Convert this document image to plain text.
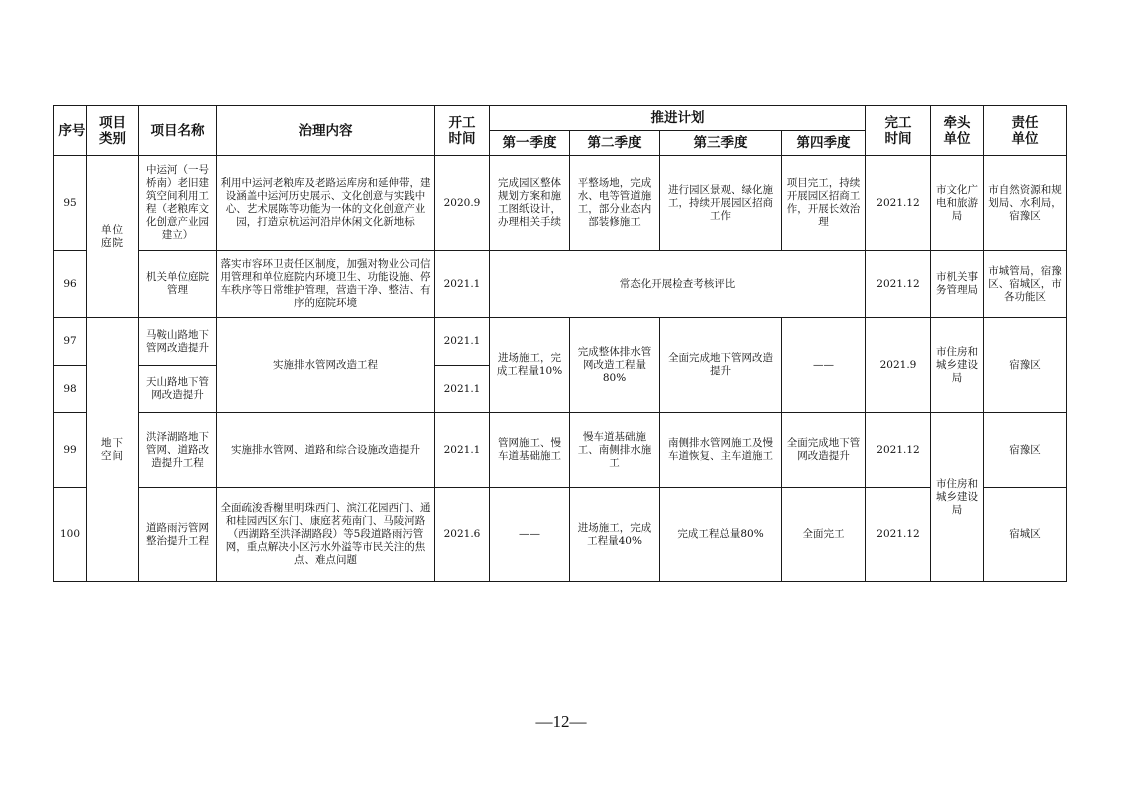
序号	项目类别	项目名称	治理内容	开工时间	推进计划				完工时间	牵头单位	责任单位

					第一季度	第二季度	第三季度	第四季度			
95	单位庭院	中运河（一号桥南）老旧建筑空间利用工程（老粮库文化创意产业园建立）	利用中运河老粮库及老路运库房和延伸带，建设涵盖中运河历史展示、文化创意与实践中心、艺术展陈等功能为一体的文化创意产业园，打造京杭运河沿岸休闲文化新地标	2020.9	完成园区整体规划方案和施工图纸设计，办理相关手续	平整场地，完成水、电等管道施工，部分业态内部装修施工	进行园区景观、绿化施工，持续开展园区招商工作	项目完工，持续开展园区招商工作，开展长效治理	2021.12	市文化广电和旅游局	市自然资源和规划局、水利局，宿豫区
96		机关单位庭院管理	落实市容环卫责任区制度，加强对物业公司信用管理和单位庭院内环境卫生、功能设施、停车秩序等日常维护管理，营造干净、整洁、有序的庭院环境	2021.1	常态化开展检查考核评比				2021.12	市机关事务管理局	市城管局，宿豫区、宿城区，市各功能区
97	地下空间	马鞍山路地下管网改造提升	实施排水管网改造工程	2021.1	进场施工，完成工程量10%	完成整体排水管网改造工程量80%	全面完成地下管网改造提升	——	2021.9	市住房和城乡建设局	宿豫区
98		天山路地下管网改造提升		2021.1							
99		洪泽湖路地下管网、道路改造提升工程	实施排水管网、道路和综合设施改造提升	2021.1	管网施工、慢车道基础施工	慢车道基础施工、南侧排水施工	南侧排水管网施工及慢车道恢复、主车道施工	全面完成地下管网改造提升	2021.12	市住房和城乡建设局	宿豫区
100		道路雨污管网整治提升工程	全面疏浚香榭里明珠西门、滨江花园西门、通和桂园西区东门、康庭茗苑南门、马陵河路（西湖路至洪泽湖路段）等5段道路雨污管网，重点解决小区污水外溢等市民关注的焦点、难点问题	2021.6	——	进场施工，完成工程量40%	完成工程总量80%	全面完工	2021.12		宿城区
—12—
